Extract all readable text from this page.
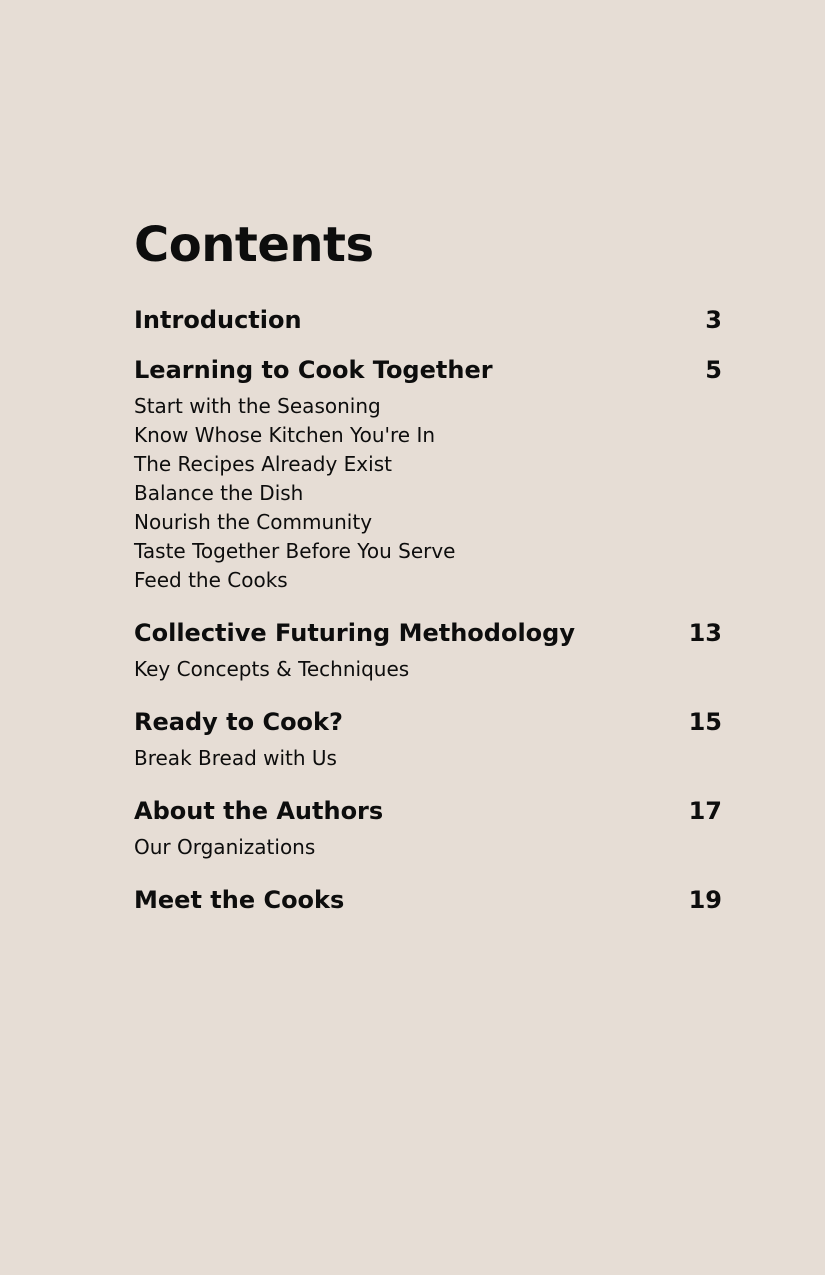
Contents
Introduction	3
Learning to Cook Together	5
Start with the Seasoning
Know Whose Kitchen You're In
The Recipes Already Exist
Balance the Dish
Nourish the Community
Taste Together Before You Serve
Feed the Cooks
Collective Futuring Methodology	13
Key Concepts & Techniques
Ready to Cook?	15
Break Bread with Us
About the Authors	17
Our Organizations
Meet the Cooks	19
